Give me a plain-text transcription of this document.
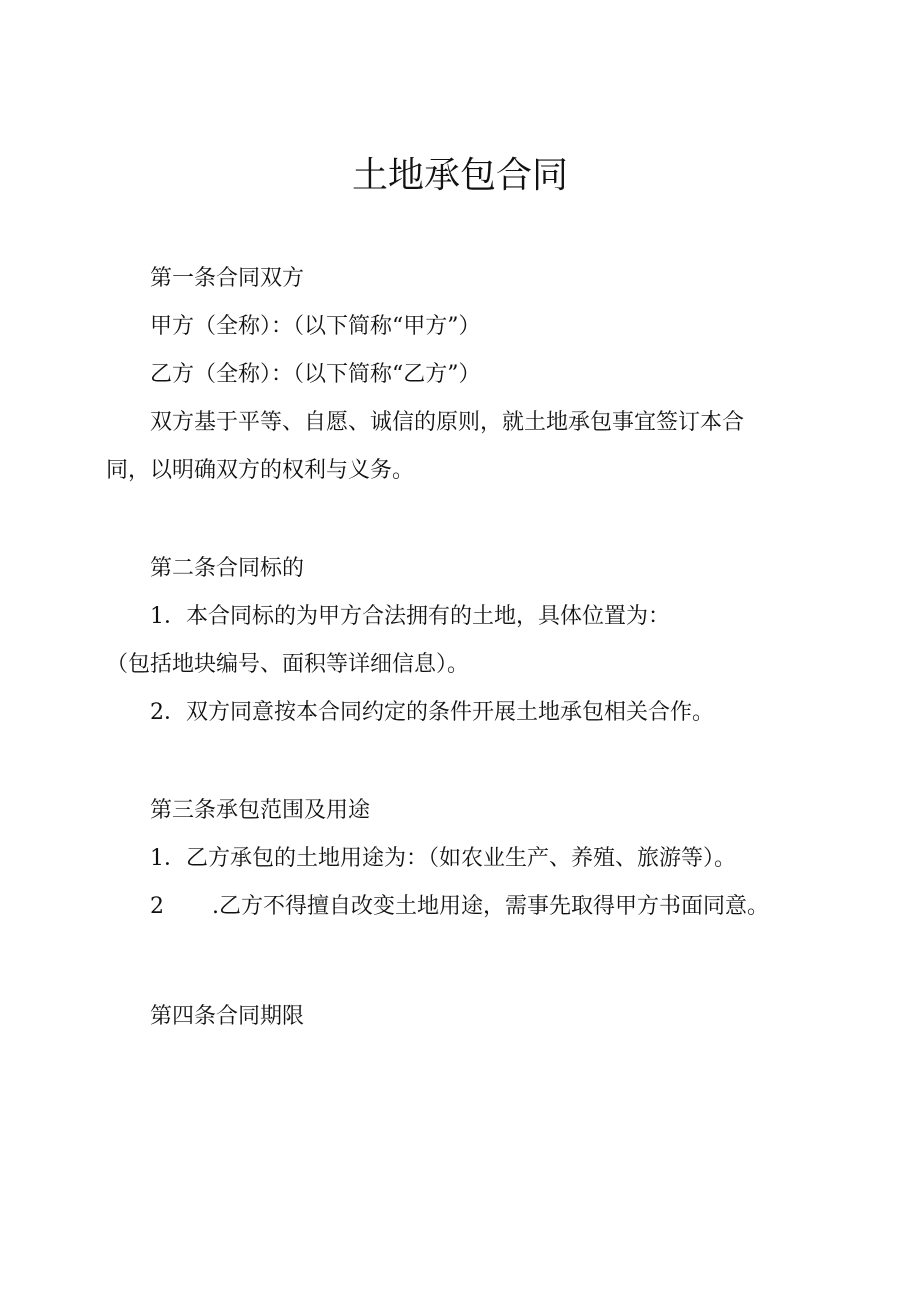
土地承包合同
第一条合同双方
甲方（全称）：（以下简称“甲方”）
乙方（全称）：（以下简称“乙方”）
双方基于平等、自愿、诚信的原则，就土地承包事宜签订本合
同，以明确双方的权利与义务。
第二条合同标的
1．本合同标的为甲方合法拥有的土地，具体位置为：
（包括地块编号、面积等详细信息）。
2．双方同意按本合同约定的条件开展土地承包相关合作。
第三条承包范围及用途
1．乙方承包的土地用途为：（如农业生产、养殖、旅游等）。
2 .乙方不得擅自改变土地用途，需事先取得甲方书面同意。
第四条合同期限
